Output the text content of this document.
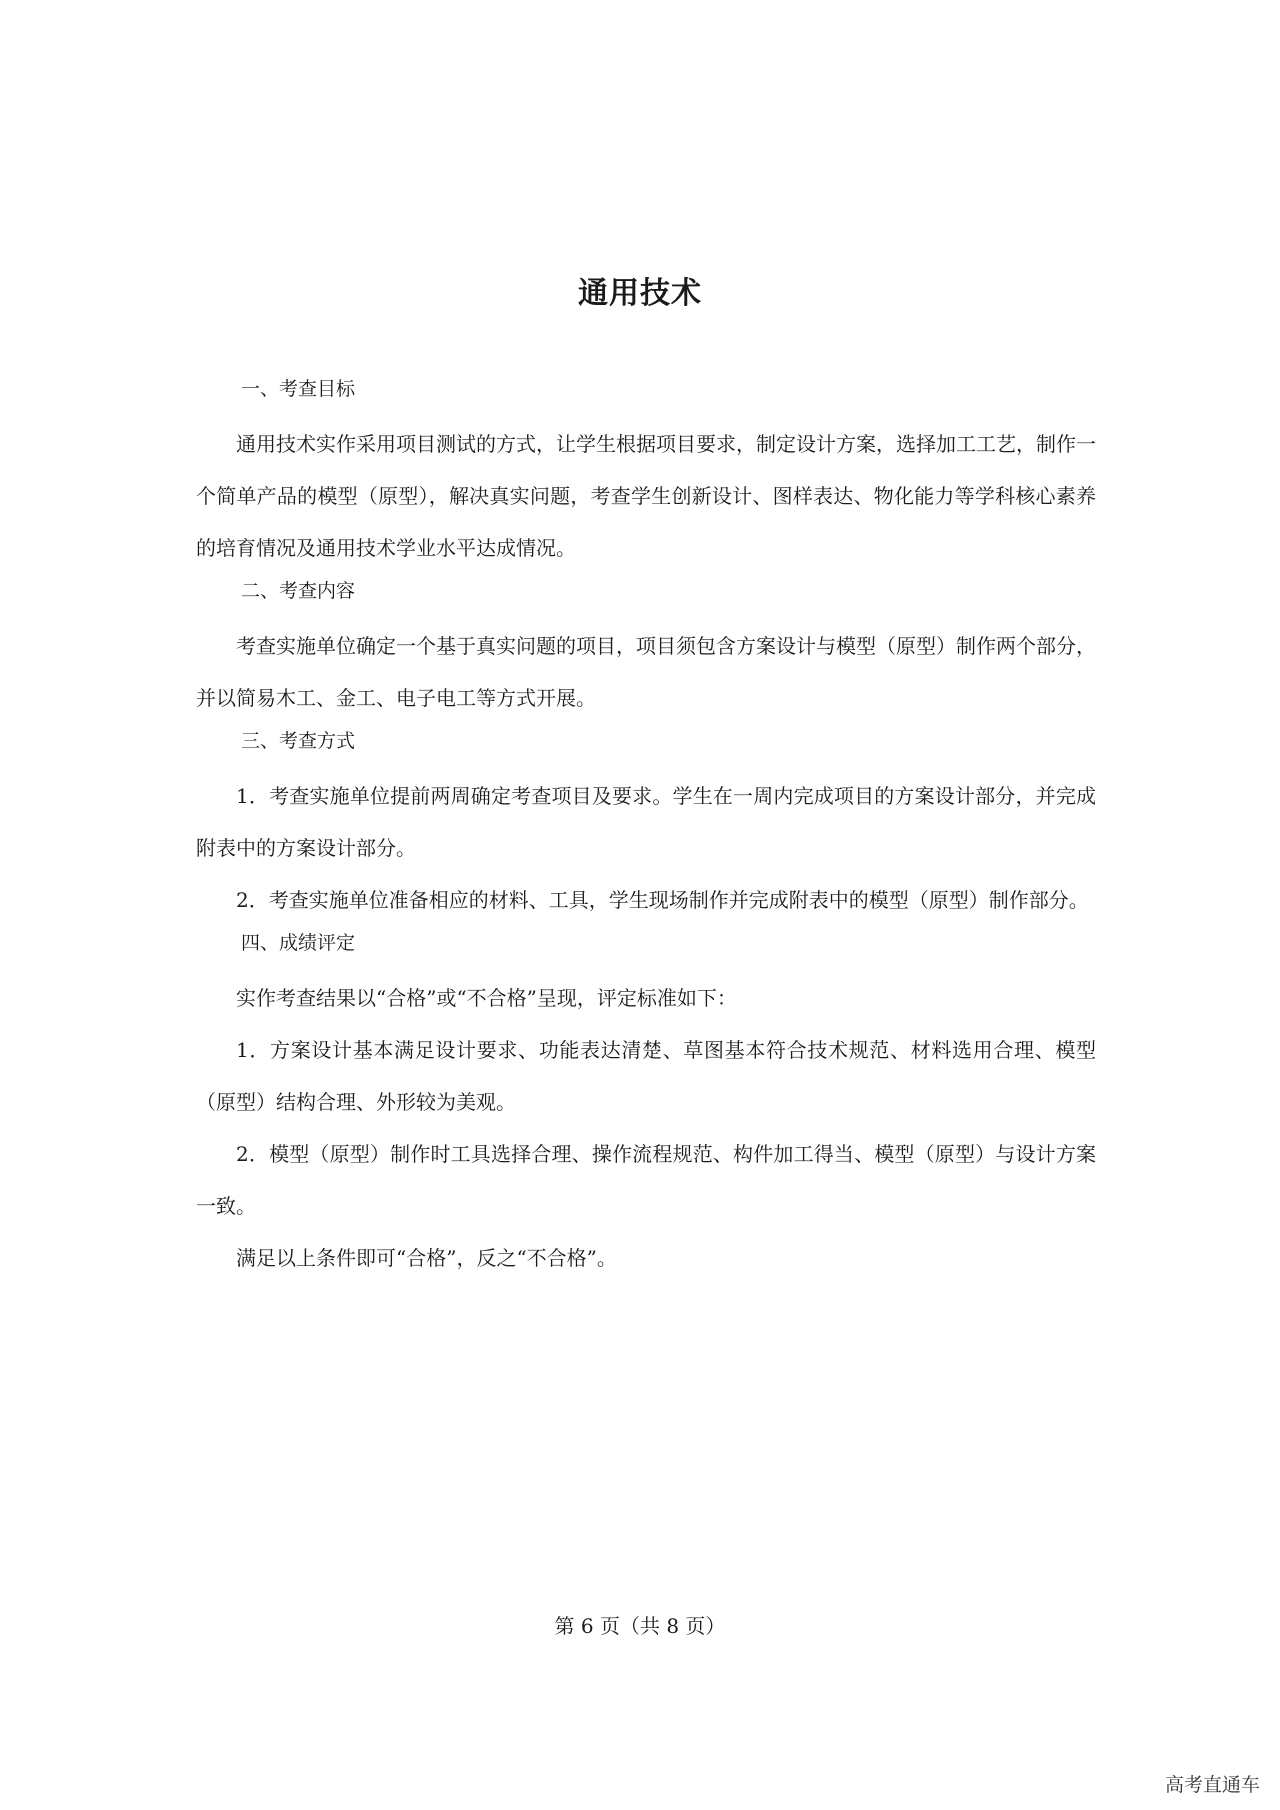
通用技术
一、考查目标

通用技术实作采用项目测试的方式，让学生根据项目要求，制定设计方案，选择加工工艺，制作一个简单产品的模型（原型），解决真实问题，考查学生创新设计、图样表达、物化能力等学科核心素养的培育情况及通用技术学业水平达成情况。

二、考查内容

考查实施单位确定一个基于真实问题的项目，项目须包含方案设计与模型（原型）制作两个部分，并以简易木工、金工、电子电工等方式开展。

三、考查方式

1．考查实施单位提前两周确定考查项目及要求。学生在一周内完成项目的方案设计部分，并完成附表中的方案设计部分。

2．考查实施单位准备相应的材料、工具，学生现场制作并完成附表中的模型（原型）制作部分。

四、成绩评定

实作考查结果以“合格”或“不合格”呈现，评定标准如下：

1．方案设计基本满足设计要求、功能表达清楚、草图基本符合技术规范、材料选用合理、模型（原型）结构合理、外形较为美观。

2．模型（原型）制作时工具选择合理、操作流程规范、构件加工得当、模型（原型）与设计方案一致。

满足以上条件即可“合格”，反之“不合格”。

第 6 页（共 8 页）
高考直通车
